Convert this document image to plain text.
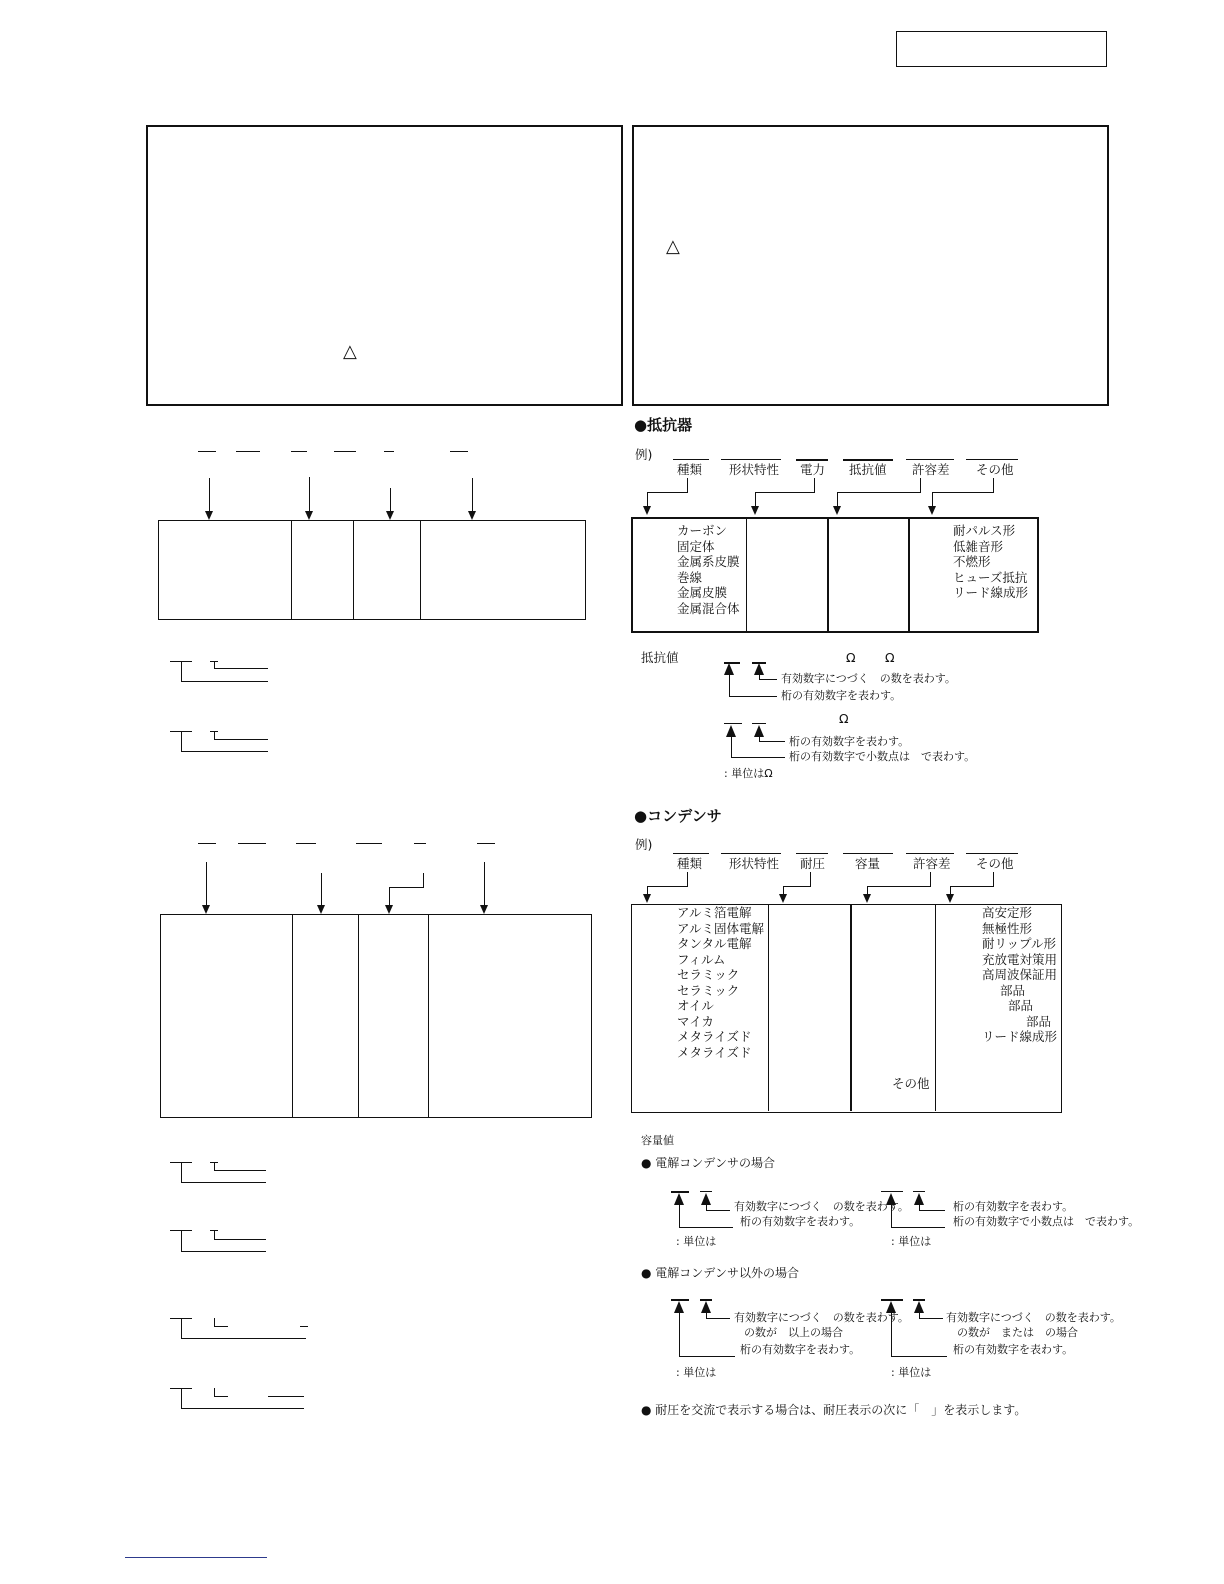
△
△
●抵抗器
例)
種類 形状特性 電力 抵抗値 許容差 その他
カーボン
固定体
金属系皮膜
巻線
金属皮膜
金属混合体
耐パルス形
低雑音形
不燃形
ヒューズ抵抗
リード線成形
抵抗値	Ω Ω
有効数字につづく　の数を表わす。
桁の有効数字を表わす。
Ω
桁の有効数字を表わす。
桁の有効数字で小数点は　で表わす。
: 単位はΩ
●コンデンサ
例)
種類 形状特性 耐圧 容量	許容差 その他
アルミ箔電解
アルミ固体電解
タンタル電解
フィルム
セラミック
セラミック
オイル
マイカ
メタライズド
メタライズド
その他
高安定形
無極性形
耐リップル形
充放電対策用
高周波保証用
部品
部品
部品
リード線成形
容量値
● 電解コンデンサの場合
有効数字につづく　の数を表わす。
桁の有効数字を表わす。
: 単位は
桁の有効数字を表わす。
桁の有効数字で小数点は　で表わす。
: 単位は
● 電解コンデンサ以外の場合
有効数字につづく　の数を表わす。
の数が　以上の場合
桁の有効数字を表わす。
: 単位は
有効数字につづく　の数を表わす。
の数が　または　の場合
桁の有効数字を表わす。
: 単位は
● 耐圧を交流で表示する場合は、耐圧表示の次に「　」を表示します。
